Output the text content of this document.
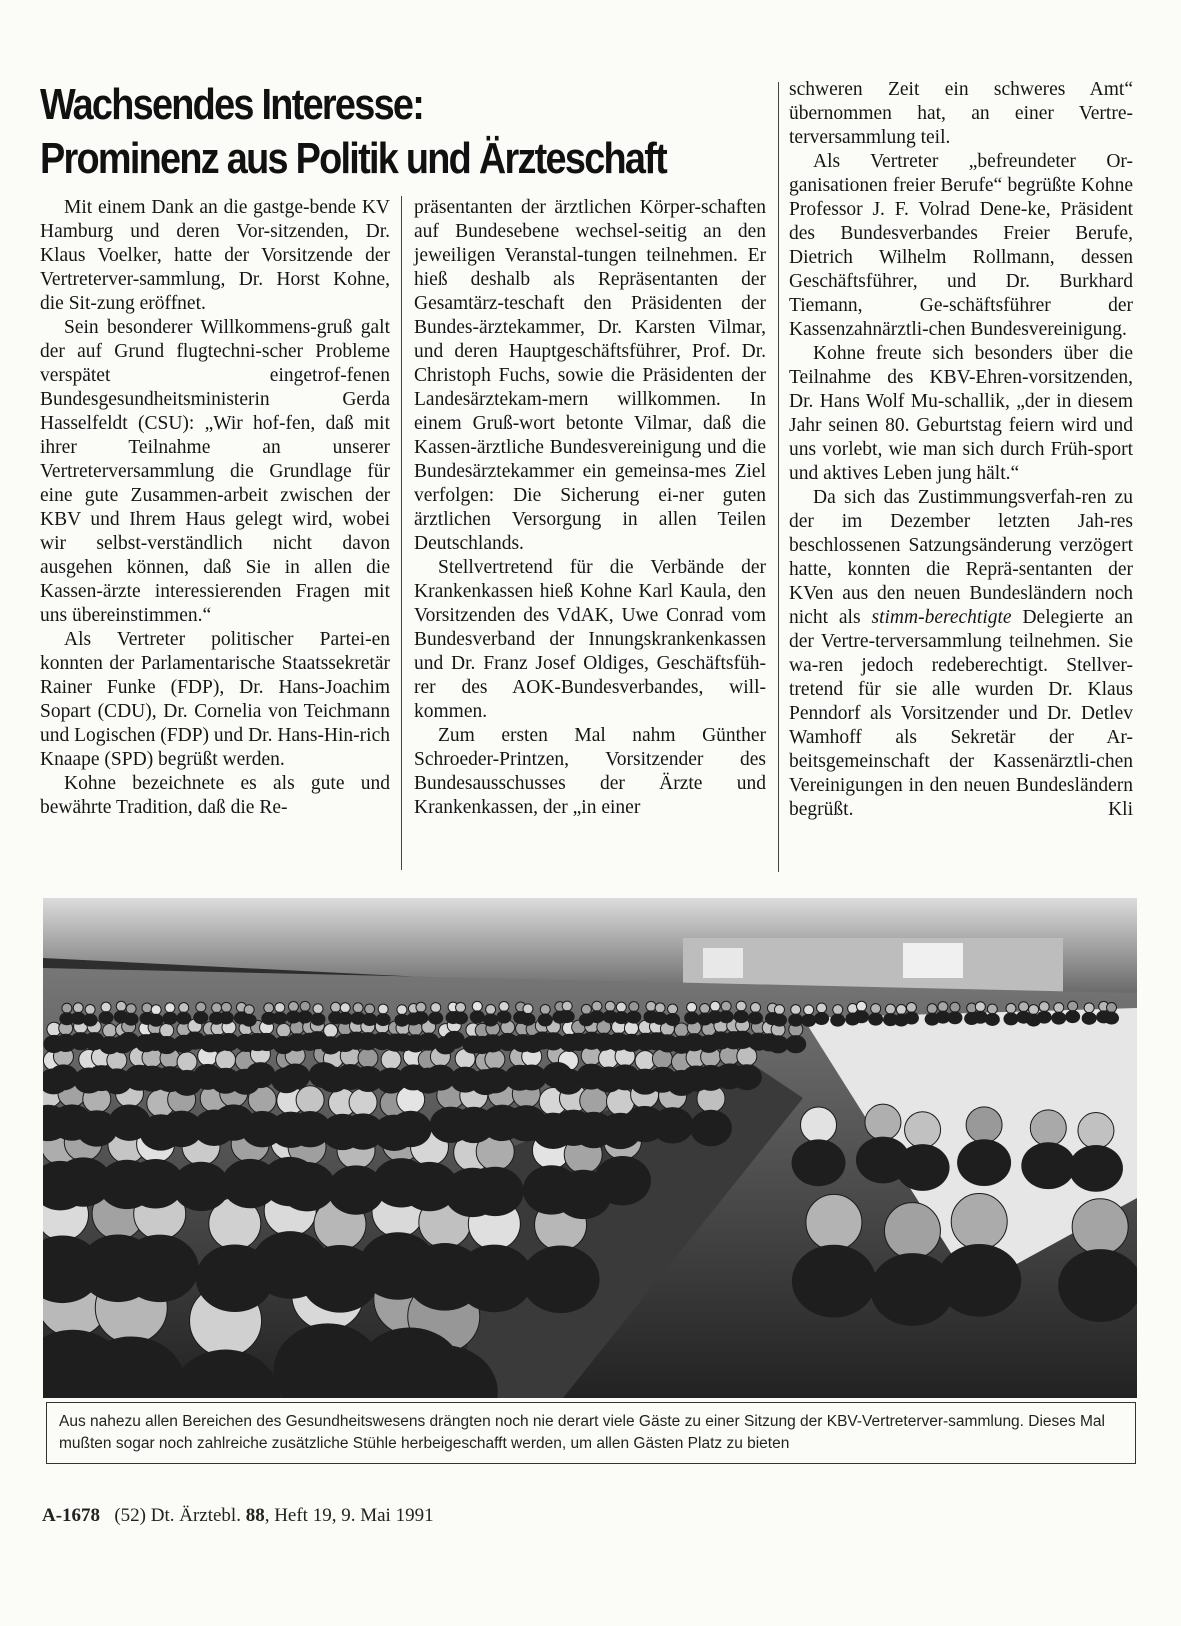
Wachsendes Interesse:
Prominenz aus Politik und Ärzteschaft

Mit einem Dank an die gastge-bende KV Hamburg und deren Vor-sitzenden, Dr. Klaus Voelker, hatte der Vorsitzende der Vertreterver-sammlung, Dr. Horst Kohne, die Sit-zung eröffnet.

Sein besonderer Willkommens-gruß galt der auf Grund flugtechni-scher Probleme verspätet eingetrof-fenen Bundesgesundheitsministerin Gerda Hasselfeldt (CSU): „Wir hof-fen, daß mit ihrer Teilnahme an unserer Vertreterversammlung die Grundlage für eine gute Zusammen-arbeit zwischen der KBV und Ihrem Haus gelegt wird, wobei wir selbst-verständlich nicht davon ausgehen können, daß Sie in allen die Kassen-ärzte interessierenden Fragen mit uns übereinstimmen.“

Als Vertreter politischer Partei-en konnten der Parlamentarische Staatssekretär Rainer Funke (FDP), Dr. Hans-Joachim Sopart (CDU), Dr. Cornelia von Teichmann und Logischen (FDP) und Dr. Hans-Hin-rich Knaape (SPD) begrüßt werden.

Kohne bezeichnete es als gute und bewährte Tradition, daß die Re-

präsentanten der ärztlichen Körper-schaften auf Bundesebene wechsel-seitig an den jeweiligen Veranstal-tungen teilnehmen. Er hieß deshalb als Repräsentanten der Gesamtärz-teschaft den Präsidenten der Bundes-ärztekammer, Dr. Karsten Vilmar, und deren Hauptgeschäftsführer, Prof. Dr. Christoph Fuchs, sowie die Präsidenten der Landesärztekam-mern willkommen. In einem Gruß-wort betonte Vilmar, daß die Kassen-ärztliche Bundesvereinigung und die Bundesärztekammer ein gemeinsa-mes Ziel verfolgen: Die Sicherung ei-ner guten ärztlichen Versorgung in allen Teilen Deutschlands.

Stellvertretend für die Verbände der Krankenkassen hieß Kohne Karl Kaula, den Vorsitzenden des VdAK, Uwe Conrad vom Bundesverband der Innungskrankenkassen und Dr. Franz Josef Oldiges, Geschäftsfüh-rer des AOK-Bundesverbandes, will-kommen.

Zum ersten Mal nahm Günther Schroeder-Printzen, Vorsitzender des Bundesausschusses der Ärzte und Krankenkassen, der „in einer

schweren Zeit ein schweres Amt“ übernommen hat, an einer Vertre-terversammlung teil.

Als Vertreter „befreundeter Or-ganisationen freier Berufe“ begrüßte Kohne Professor J. F. Volrad Dene-ke, Präsident des Bundesverbandes Freier Berufe, Dietrich Wilhelm Rollmann, dessen Geschäftsführer, und Dr. Burkhard Tiemann, Ge-schäftsführer der Kassenzahnärztli-chen Bundesvereinigung.

Kohne freute sich besonders über die Teilnahme des KBV-Ehren-vorsitzenden, Dr. Hans Wolf Mu-schallik, „der in diesem Jahr seinen 80. Geburtstag feiern wird und uns vorlebt, wie man sich durch Früh-sport und aktives Leben jung hält.“

Da sich das Zustimmungsverfah-ren zu der im Dezember letzten Jah-res beschlossenen Satzungsänderung verzögert hatte, konnten die Reprä-sentanten der KVen aus den neuen Bundesländern noch nicht als stimm-berechtigte Delegierte an der Vertre-terversammlung teilnehmen. Sie wa-ren jedoch redeberechtigt. Stellver-tretend für sie alle wurden Dr. Klaus Penndorf als Vorsitzender und Dr. Detlev Wamhoff als Sekretär der Ar-beitsgemeinschaft der Kassenärztli-chen Vereinigungen in den neuen Bundesländern begrüßt.	Kli

Aus nahezu allen Bereichen des Gesundheitswesens drängten noch nie derart viele Gäste zu einer Sitzung der KBV-Vertreterver-sammlung. Dieses Mal mußten sogar noch zahlreiche zusätzliche Stühle herbeigeschafft werden, um allen Gästen Platz zu bieten
A-1678 (52) Dt. Ärztebl. 88, Heft 19, 9. Mai 1991
